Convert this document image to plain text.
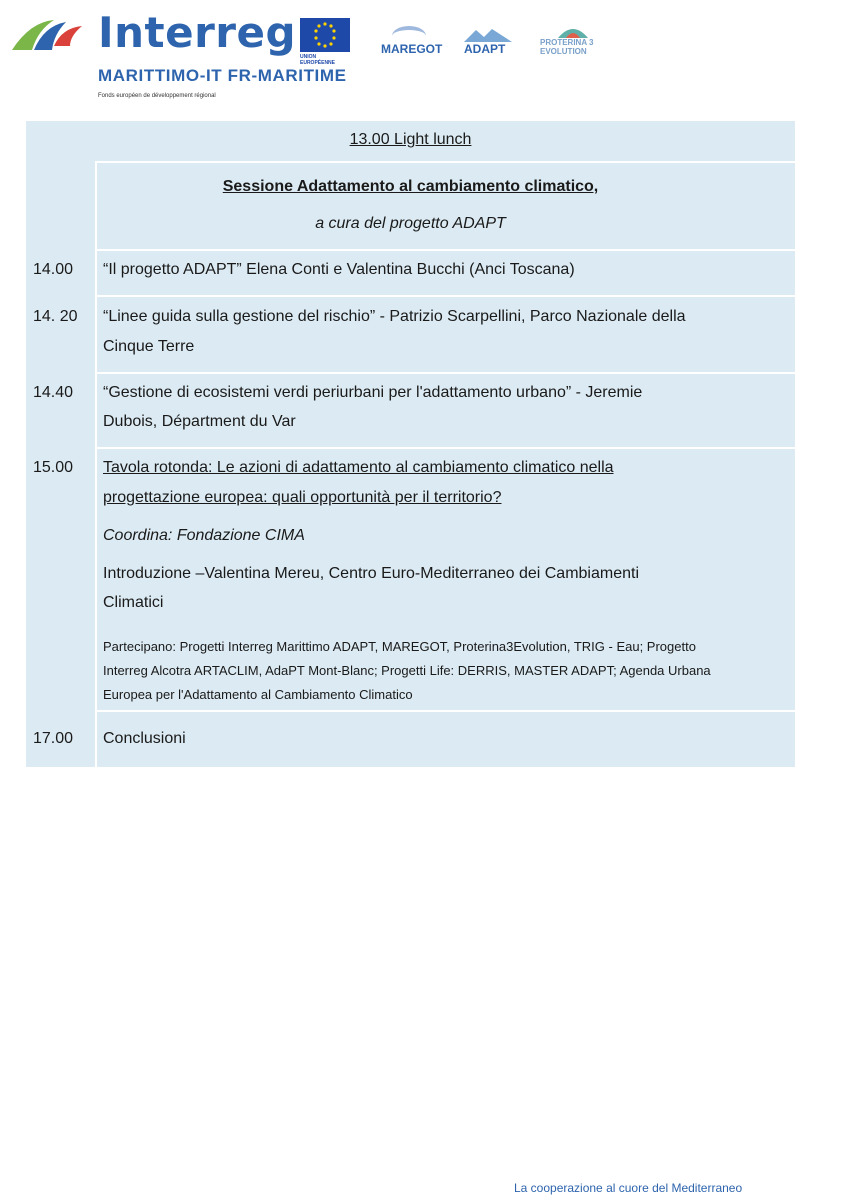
Interreg UNION EUROPÉENNE
MARITTIMO-IT FR-MARITIME
Fonds européen de développement régional
MAREGOT ADAPT	PROTERINA 3 EVOLUTION
13.00 Light lunch
Sessione Adattamento al cambiamento climatico,
a cura del progetto ADAPT
14.00 “Il progetto ADAPT” Elena Conti e Valentina Bucchi (Anci Toscana)
14. 20 “Linee guida sulla gestione del rischio” - Patrizio Scarpellini, Parco Nazionale della
Cinque Terre
14.40 “Gestione di ecosistemi verdi periurbani per l'adattamento urbano” - Jeremie
Dubois, Départment du Var
15.00 Tavola rotonda: Le azioni di adattamento al cambiamento climatico nella
progettazione europea: quali opportunità per il territorio?
Coordina: Fondazione CIMA
Introduzione –Valentina Mereu, Centro Euro-Mediterraneo dei Cambiamenti
Climatici
Partecipano: Progetti Interreg Marittimo ADAPT, MAREGOT, Proterina3Evolution, TRIG - Eau; Progetto
Interreg Alcotra ARTACLIM, AdaPT Mont-Blanc; Progetti Life: DERRIS, MASTER ADAPT; Agenda Urbana
Europea per l'Adattamento al Cambiamento Climatico
17.00 Conclusioni
La cooperazione al cuore del Mediterraneo
